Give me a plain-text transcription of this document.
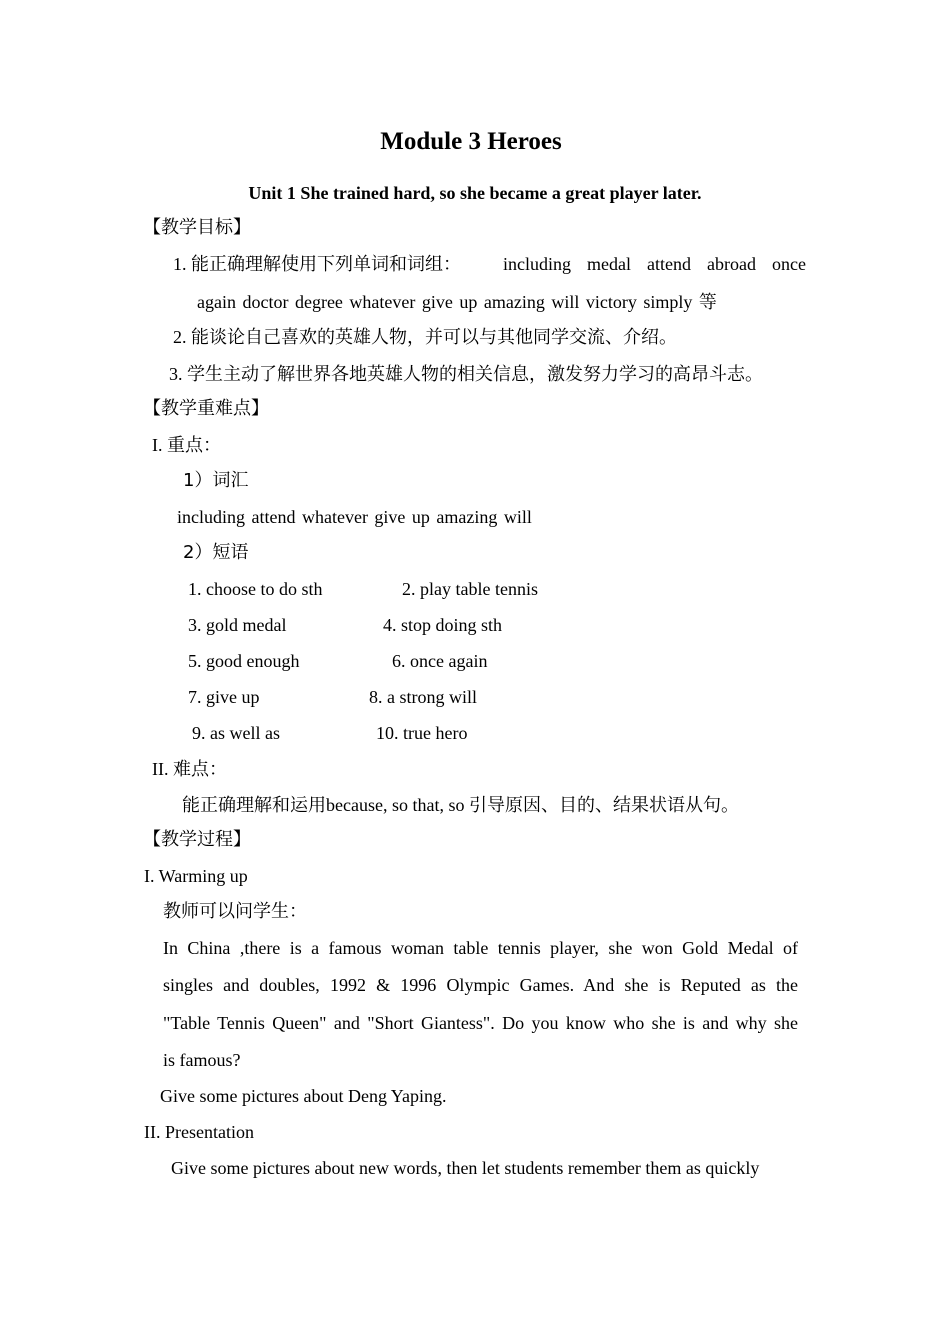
Module 3 Heroes
Unit 1 She trained hard, so she became a great player later.
【教学目标】
1. 能正确理解使用下列单词和词组： including medal attend abroad once
again doctor degree whatever give up amazing will victory simply 等
2. 能谈论自己喜欢的英雄人物，并可以与其他同学交流、介绍。
3. 学生主动了解世界各地英雄人物的相关信息，激发努力学习的高昂斗志。
【教学重难点】
I. 重点：
1）词汇
including attend whatever give up amazing will
2）短语
1. choose to do sth	2. play table tennis
3. gold medal	4. stop doing sth
5. good enough	6. once again
7. give up	8. a strong will
9. as well as	10. true hero
II. 难点：
能正确理解和运用because, so that, so 引导原因、目的、结果状语从句。
【教学过程】
I. Warming up
教师可以问学生：
In China ,there is a famous woman table tennis player, she won Gold Medal of
singles and doubles, 1992 & 1996 Olympic Games. And she is Reputed as the
"Table Tennis Queen" and "Short Giantess". Do you know who she is and why she
is famous?
Give some pictures about Deng Yaping.
II. Presentation
Give some pictures about new words, then let students remember them as quickly
